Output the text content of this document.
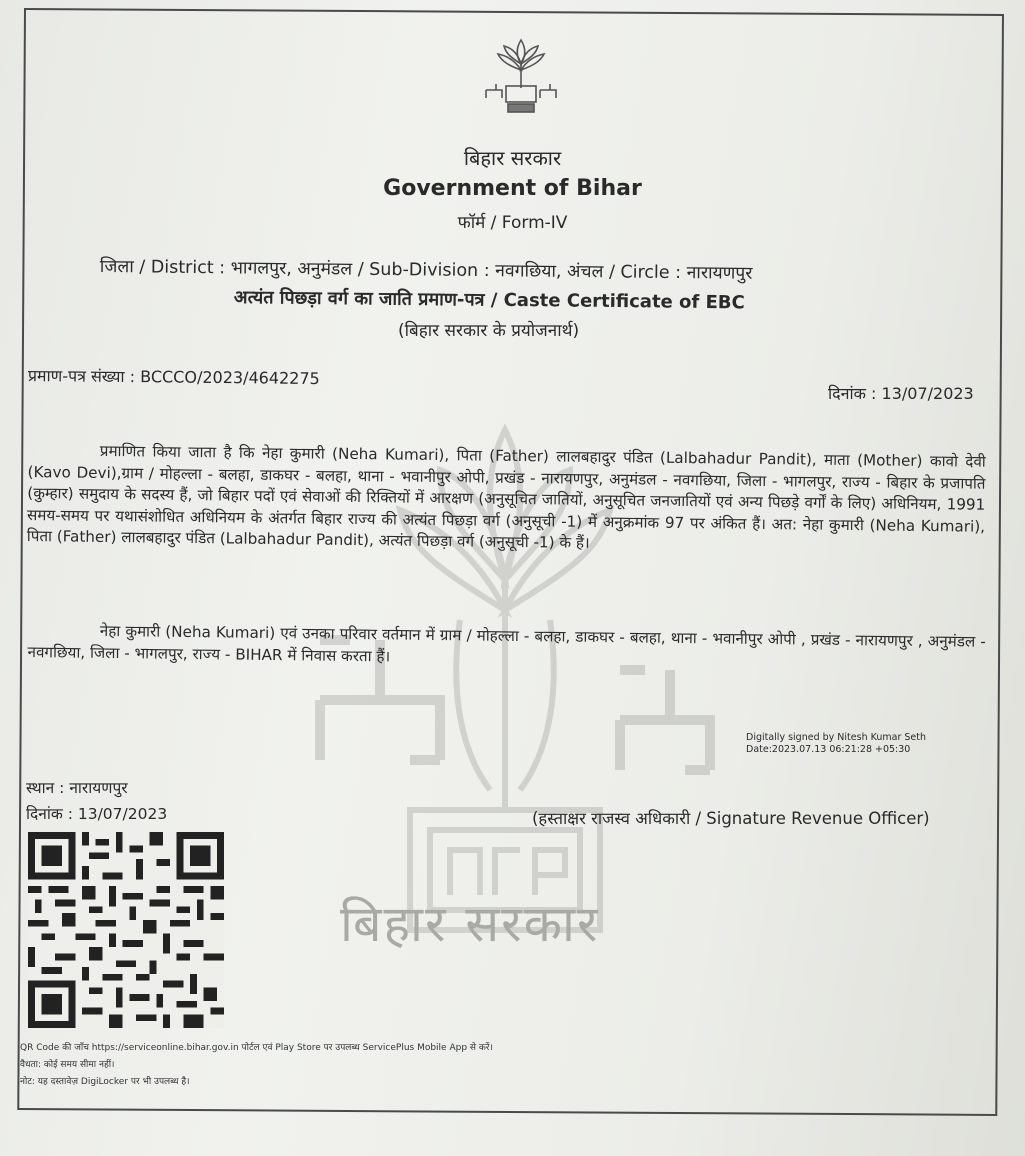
बिहार सरकार
बिहार सरकार
Government of Bihar
फॉर्म / Form-IV
जिला / District : भागलपुर, अनुमंडल / Sub-Division : नवगछिया, अंचल / Circle : नारायणपुर
अत्यंत पिछड़ा वर्ग का जाति प्रमाण-पत्र / Caste Certificate of EBC
(बिहार सरकार के प्रयोजनार्थ)
प्रमाण-पत्र संख्या : BCCCO/2023/4642275
दिनांक : 13/07/2023
प्रमाणित किया जाता है कि नेहा कुमारी (Neha Kumari), पिता (Father) लालबहादुर पंडित (Lalbahadur Pandit), माता (Mother) कावो देवी (Kavo Devi),ग्राम / मोहल्ला - बलहा, डाकघर - बलहा, थाना - भवानीपुर ओपी, प्रखंड - नारायणपुर, अनुमंडल - नवगछिया, जिला - भागलपुर, राज्य - बिहार के प्रजापति (कुम्हार) समुदाय के सदस्य हैं, जो बिहार पदों एवं सेवाओं की रिक्तियों में आरक्षण (अनुसूचित जातियों, अनुसूचित जनजातियों एवं अन्य पिछड़े वर्गों के लिए) अधिनियम, 1991 समय-समय पर यथासंशोधित अधिनियम के अंतर्गत बिहार राज्य की अत्यंत पिछड़ा वर्ग (अनुसूची -1) में अनुक्रमांक 97 पर अंकित हैं। अत: नेहा कुमारी (Neha Kumari), पिता (Father) लालबहादुर पंडित (Lalbahadur Pandit), अत्यंत पिछड़ा वर्ग (अनुसूची -1) के हैं।
नेहा कुमारी (Neha Kumari) एवं उनका परिवार वर्तमान में ग्राम / मोहल्ला - बलहा, डाकघर - बलहा, थाना - भवानीपुर ओपी , प्रखंड - नारायणपुर , अनुमंडल - नवगछिया, जिला - भागलपुर, राज्य - BIHAR में निवास करता हैं।
Digitally signed by Nitesh Kumar Seth
Date:2023.07.13 06:21:28 +05:30
स्थान : नारायणपुर
दिनांक : 13/07/2023	(हस्ताक्षर राजस्व अधिकारी / Signature Revenue Officer)
QR Code की जाँच https://serviceonline.bihar.gov.in पोर्टल एवं Play Store पर उपलब्ध ServicePlus Mobile App से करें।
वैधता: कोई समय सीमा नहीं।
नोट: यह दस्तावेज़ DigiLocker पर भी उपलब्ध है।
